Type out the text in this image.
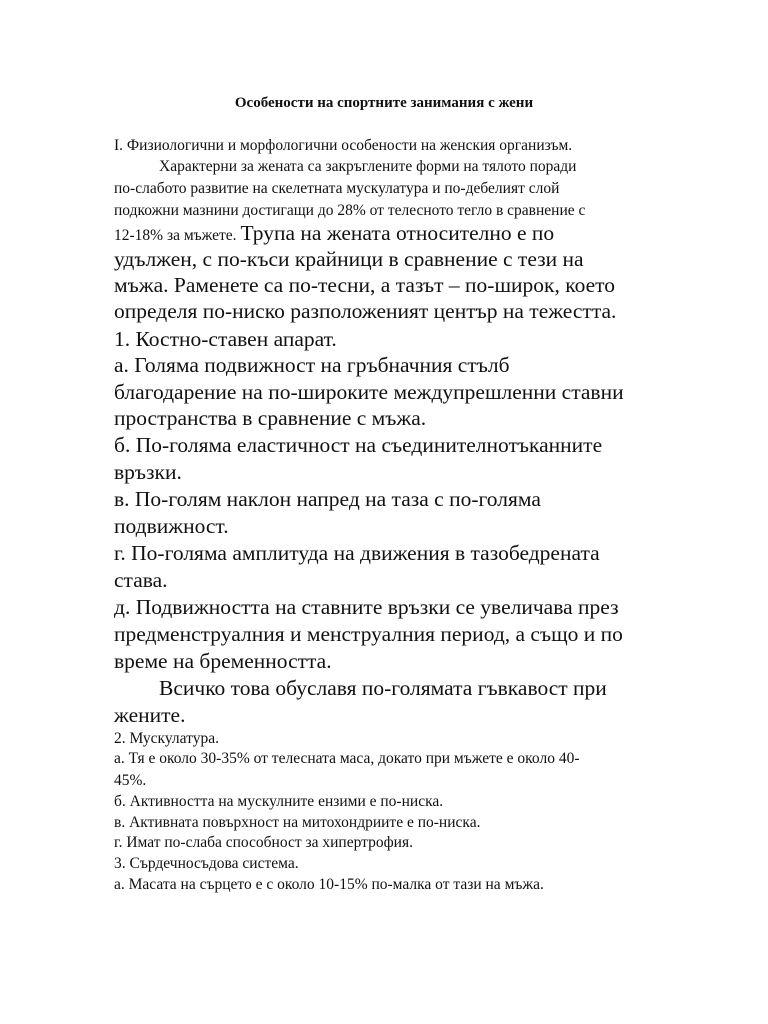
Особености на спортните занимания с жени
I. Физиологични и морфологични особености на женския организъм.
Характерни за жената са закръглените форми на тялото поради
по-слабото развитие на скелетната мускулатура и по-дебелият слой
подкожни мазнини достигащи до 28% от телесното тегло в сравнение с
12-18% за мъжете. Трупа на жената относително е по
удължен, с по-къси крайници в сравнение с тези на
мъжа. Раменете са по-тесни, а тазът – по-широк, което
определя по-ниско разположеният център на тежестта.
1. Костно-ставен апарат.
а. Голяма подвижност на гръбначния стълб
благодарение на по-широките междупрешленни ставни
пространства в сравнение с мъжа.
б. По-голяма еластичност на съединителнотъканните
връзки.
в. По-голям наклон напред на таза с по-голяма
подвижност.
г. По-голяма амплитуда на движения в тазобедрената
става.
д. Подвижността на ставните връзки се увеличава през
предменструалния и менструалния период, а също и по
време на бременността.
Всичко това обуславя по-голямата гъвкавост при
жените.
2. Мускулатура.
а. Тя е около 30-35% от телесната маса, докато при мъжете е около 40-
45%.
б. Активността на мускулните ензими е по-ниска.
в. Активната повърхност на митохондриите е по-ниска.
г. Имат по-слаба способност за хипертрофия.
3. Сърдечносъдова система.
а. Масата на сърцето е с около 10-15% по-малка от тази на мъжа.
